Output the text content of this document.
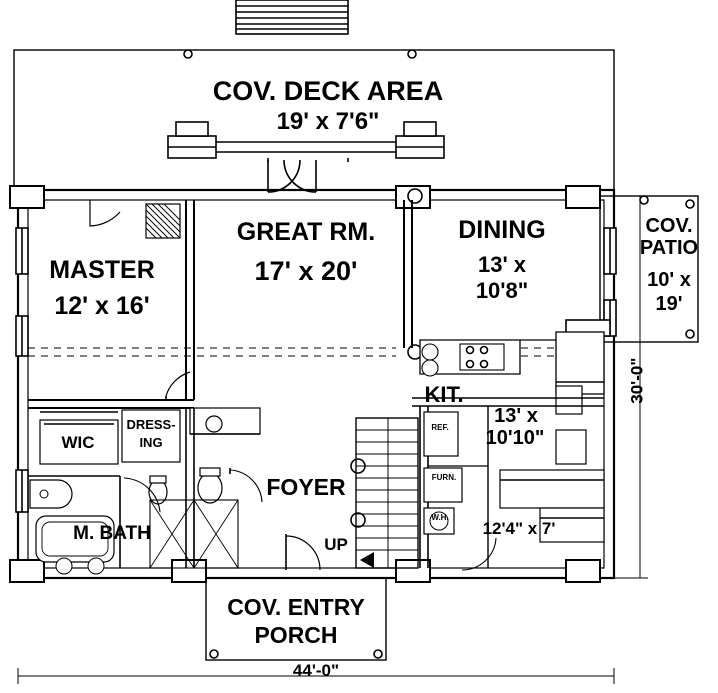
COV. DECK AREA
19' x 7'6"
GREAT RM.
17' x 20'
DINING
13' x
10'8"
MASTER
12' x 16'
COV.
PATIO
10' x
19'
KIT.
13' x
10'10"
FOYER
M. BATH
WIC
DRESS-
ING
UP
12'4" x 7'
FURN.
W.H.
REF.
COV. ENTRY
PORCH
44'-0"
30'-0"
